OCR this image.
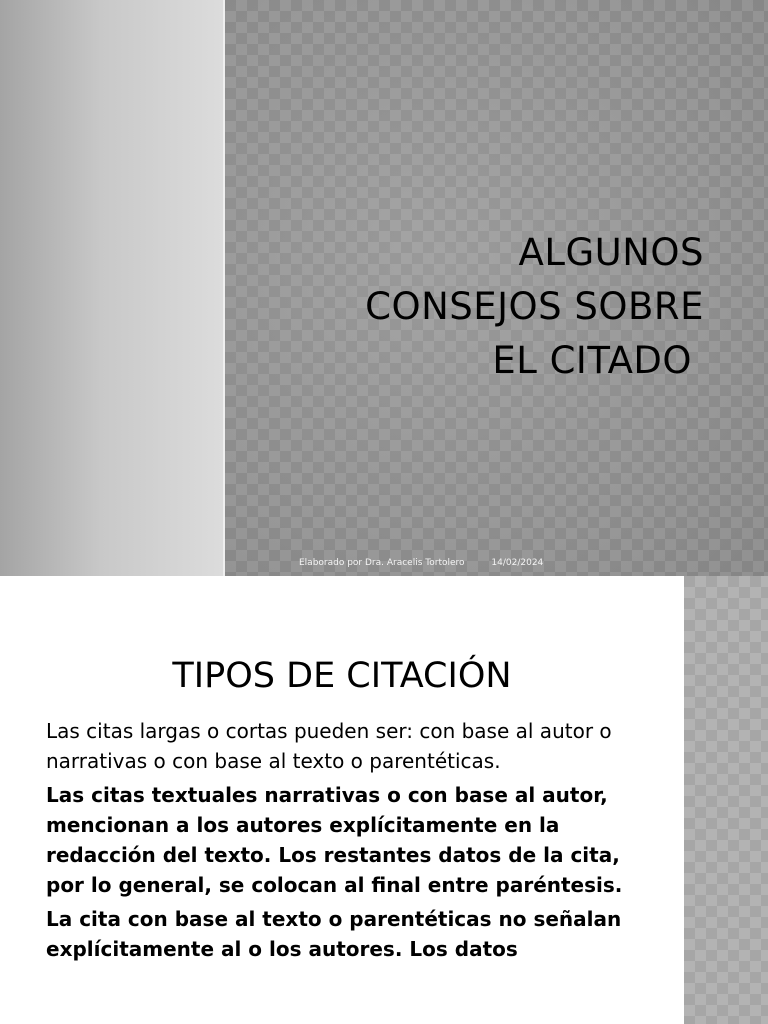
ALGUNOS
CONSEJOS SOBRE
EL CITADO
Elaborado por Dra. Aracelis Tortolero	14/02/2024
TIPOS DE CITACIÓN

Las citas largas o cortas pueden ser: con base al autor o narrativas o con base al texto o parentéticas.

Las citas textuales narrativas o con base al autor, mencionan a los autores explícitamente en la redacción del texto. Los restantes datos de la cita, por lo general, se colocan al final entre paréntesis.

La cita con base al texto o parentéticas no señalan explícitamente al o los autores. Los datos
